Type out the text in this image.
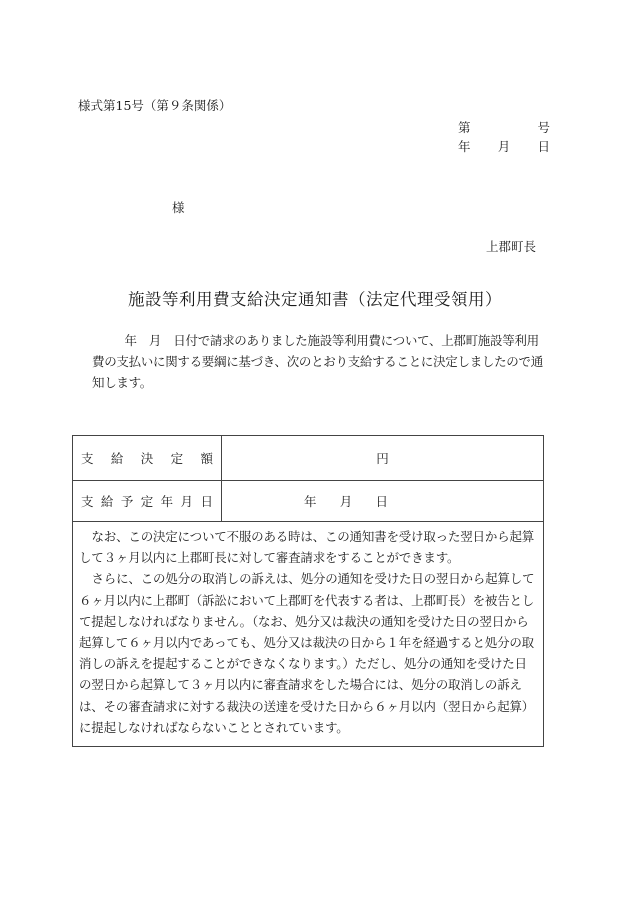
様式第15号（第９条関係）
第	号
年 月 日
様
上郡町長
施設等利用費支給決定通知書（法定代理受領用）

年　月　日付で請求のありました施設等利用費について、上郡町施設等利用費の支払いに関する要綱に基づき、次のとおり支給することに決定しましたので通知します。

支 給 決 定 額	円
支 給 予 定 年 月 日	年 月 日

なお、この決定について不服のある時は、この通知書を受け取った翌日から起算して３ヶ月以内に上郡町長に対して審査請求をすることができます。

さらに、この処分の取消しの訴えは、処分の通知を受けた日の翌日から起算して６ヶ月以内に上郡町（訴訟において上郡町を代表する者は、上郡町長）を被告として提起しなければなりません。（なお、処分又は裁決の通知を受けた日の翌日から起算して６ヶ月以内であっても、処分又は裁決の日から１年を経過すると処分の取消しの訴えを提起することができなくなります。）ただし、処分の通知を受けた日の翌日から起算して３ヶ月以内に審査請求をした場合には、処分の取消しの訴えは、その審査請求に対する裁決の送達を受けた日から６ヶ月以内（翌日から起算）に提起しなければならないこととされています。
